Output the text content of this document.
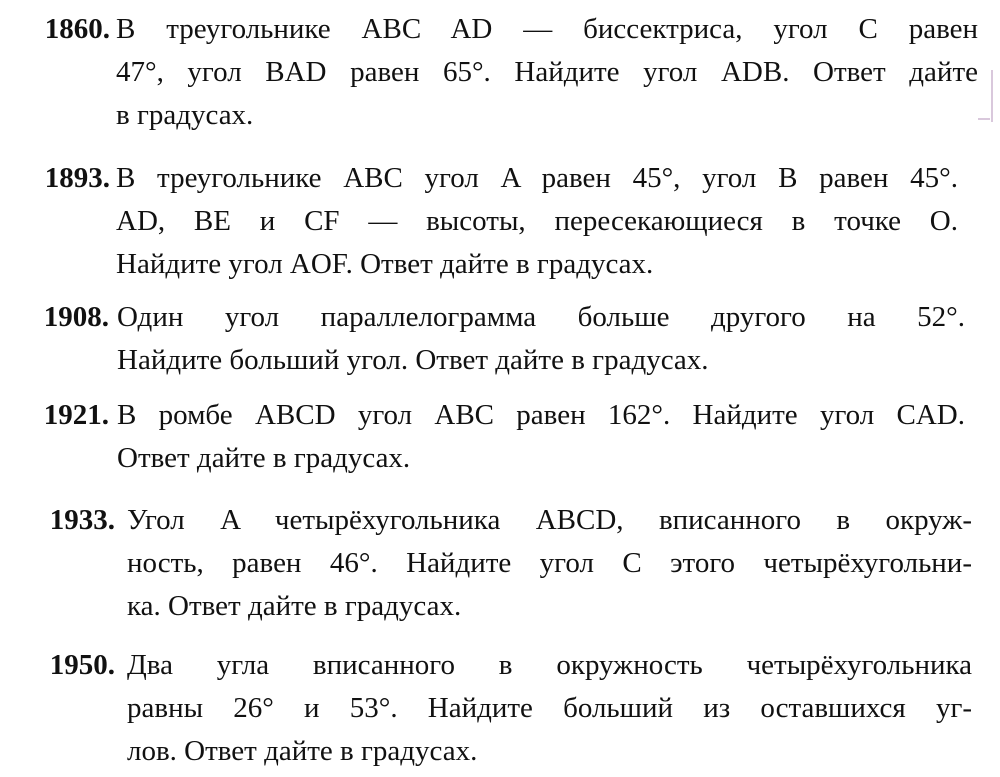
1860. В треугольнике ABC AD — биссектриса, угол C равен
47°, угол BAD равен 65°. Найдите угол ADB. Ответ дайте
в градусах.
1893. В треугольнике ABC угол A равен 45°, угол B равен 45°.
AD, BE и CF — высоты, пересекающиеся в точке O.
Найдите угол AOF. Ответ дайте в градусах.
1908. Один угол параллелограмма больше другого на 52°.
Найдите больший угол. Ответ дайте в градусах.
1921. В ромбе ABCD угол ABC равен 162°. Найдите угол CAD.
Ответ дайте в градусах.
1933. Угол A четырёхугольника ABCD, вписанного в окруж-
ность, равен 46°. Найдите угол C этого четырёхугольни-
ка. Ответ дайте в градусах.
1950. Два угла вписанного в окружность четырёхугольника
равны 26° и 53°. Найдите больший из оставшихся уг-
лов. Ответ дайте в градусах.
